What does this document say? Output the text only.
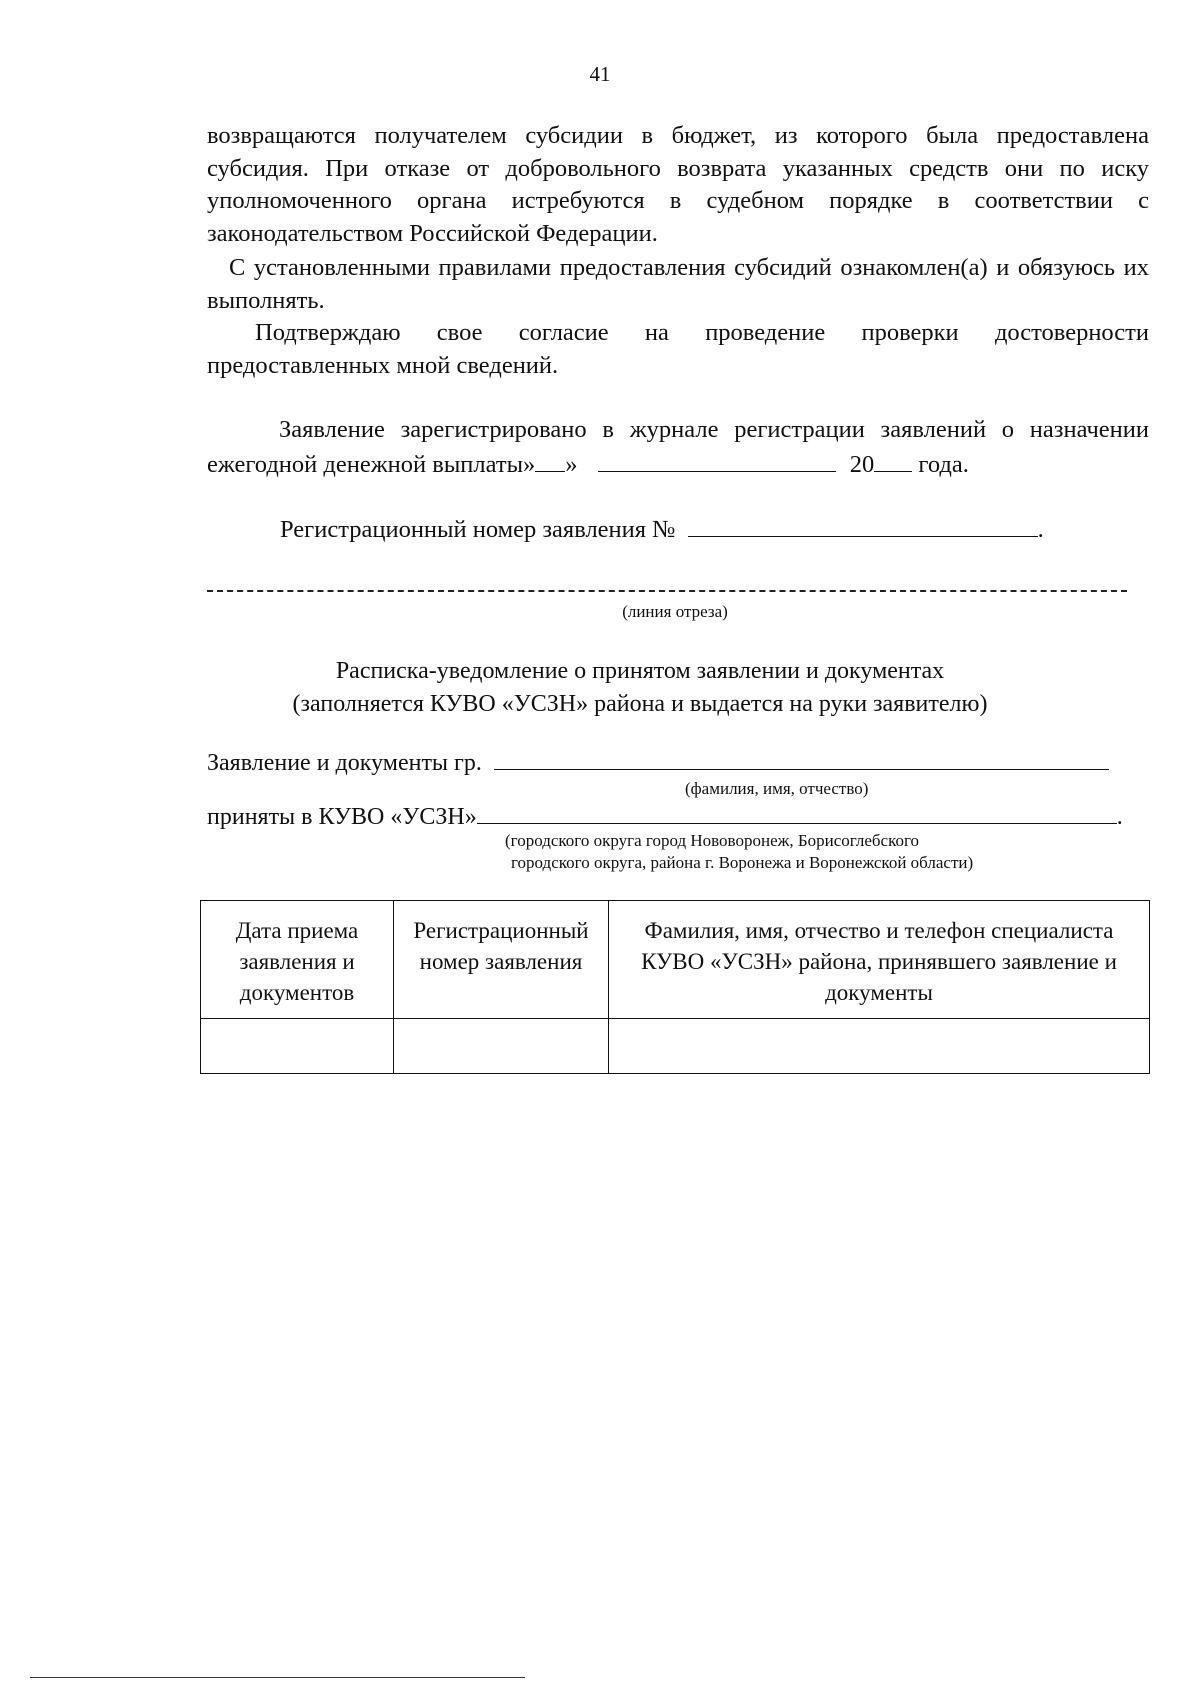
41
возвращаются получателем субсидии в бюджет, из которого была предоставлена субсидия. При отказе от добровольного возврата указанных средств они по иску уполномоченного органа истребуются в судебном порядке в соответствии с законодательством Российской Федерации.
С установленными правилами предоставления субсидий ознакомлен(а) и обязуюсь их выполнять.
Подтверждаю свое согласие на проведение проверки достоверности предоставленных мной сведений.
Заявление зарегистрировано в журнале регистрации заявлений о назначении ежегодной денежной выплаты» »	20 года.
Регистрационный номер заявления №	.
(линия отреза)
Расписка-уведомление о принятом заявлении и документах
(заполняется КУВО «УСЗН» района и выдается на руки заявителю)
Заявление и документы гр.
(фамилия, имя, отчество)
приняты в КУВО «УСЗН»	.
(городского округа город Нововоронеж, Борисоглебского
городского округа, района г. Воронежа и Воронежской области)
Дата приема заявления и документов	Регистрационный номер заявления	Фамилия, имя, отчество и телефон специалиста КУВО «УСЗН» района, принявшего заявление и документы
